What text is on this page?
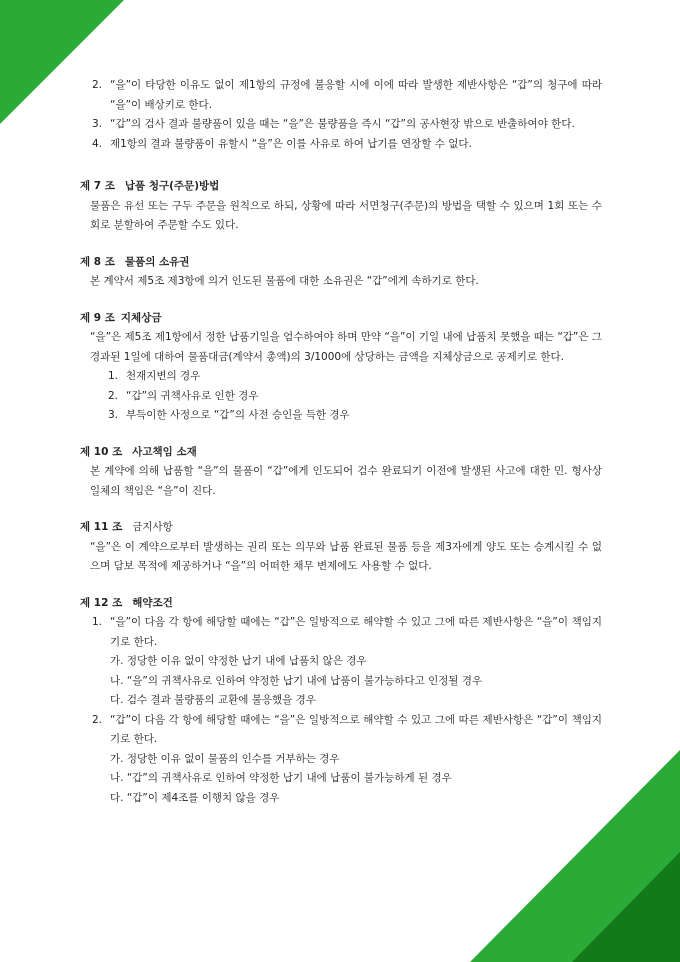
2. “을”이 타당한 이유도 없이 제1항의 규정에 불응할 시에 이에 따라 발생한 제반사항은 “갑”의 청구에 따라 “을”이 배상키로 한다.
3. “갑”의 검사 결과 불량품이 있을 때는 “을”은 불량품을 즉시 “갑”의 공사현장 밖으로 반출하여야 한다.
4. 제1항의 결과 불량품이 유할시 “을”은 이를 사유로 하여 납기를 연장할 수 없다.
제 7 조 납품 청구(주문)방법

물품은 유선 또는 구두 주문을 원칙으로 하되, 상황에 따라 서면청구(주문)의 방법을 택할 수 있으며 1회 또는 수회로 분할하여 주문할 수도 있다.

제 8 조 물품의 소유권

본 계약서 제5조 제3항에 의거 인도된 물품에 대한 소유권은 “갑”에게 속하기로 한다.

제 9 조 지체상금

“을”은 제5조 제1항에서 정한 납품기일을 엄수하여야 하며 만약 “을”이 기일 내에 납품치 못했을 때는 “갑”은 그 경과된 1일에 대하여 물품대금(계약서 총액)의 3/1000에 상당하는 금액을 지체상금으로 공제키로 한다.

1. 천재지변의 경우
2. “갑”의 귀책사유로 인한 경우
3. 부득이한 사정으로 “갑”의 사전 승인을 득한 경우
제 10 조 사고책임 소재

본 계약에 의해 납품할 “을”의 물품이 “갑”에게 인도되어 검수 완료되기 이전에 발생된 사고에 대한 민. 형사상 일체의 책임은 “을”이 진다.

제 11 조 금지사항

“을”은 이 계약으로부터 발생하는 권리 또는 의무와 납품 완료된 물품 등을 제3자에게 양도 또는 승계시킬 수 없으며 담보 목적에 제공하거나 “을”의 어떠한 채무 변제에도 사용할 수 없다.

제 12 조 해약조건
1. “을”이 다음 각 항에 해당할 때에는 “갑”은 일방적으로 해약할 수 있고 그에 따른 제반사항은 “을”이 책임지기로 한다.
가. 정당한 이유 없이 약정한 납기 내에 납품치 않은 경우
나. “을”의 귀책사유로 인하여 약정한 납기 내에 납품이 불가능하다고 인정될 경우
다. 검수 결과 불량품의 교환에 불응했을 경우
2. “갑”이 다음 각 항에 해당할 때에는 “을”은 일방적으로 해약할 수 있고 그에 따른 제반사항은 “갑”이 책임지기로 한다.
가. 정당한 이유 없이 물품의 인수를 거부하는 경우
나. “갑”의 귀책사유로 인하여 약정한 납기 내에 납품이 불가능하게 된 경우
다. “갑”이 제4조를 이행치 않을 경우
